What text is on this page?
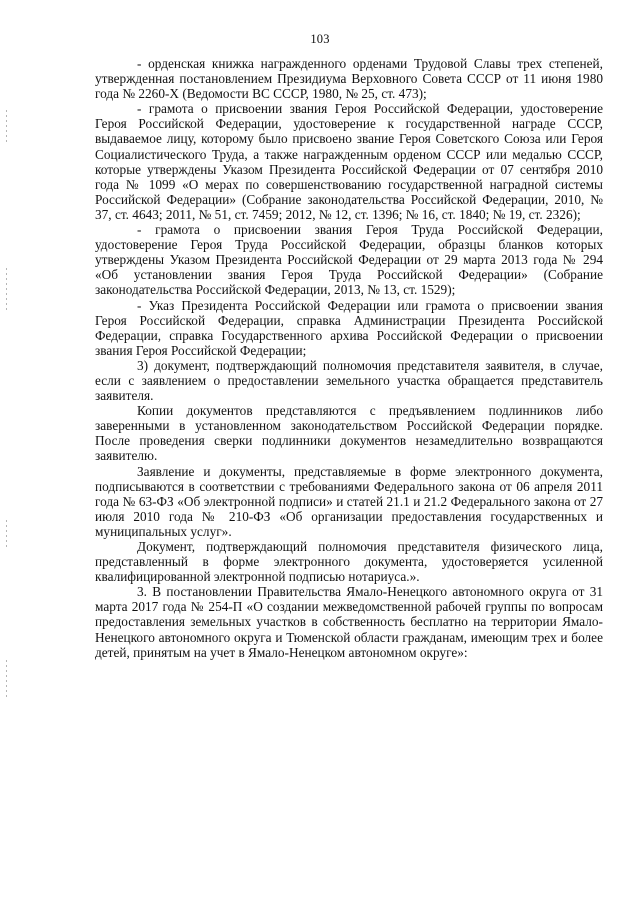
103

- орденская книжка награжденного орденами Трудовой Славы трех степеней, утвержденная постановлением Президиума Верховного Совета СССР от 11 июня 1980 года № 2260-Х (Ведомости ВС СССР, 1980, № 25, ст. 473);

- грамота о присвоении звания Героя Российской Федерации, удостоверение Героя Российской Федерации, удостоверение к государственной награде СССР, выдаваемое лицу, которому было присвоено звание Героя Советского Союза или Героя Социалистического Труда, а также награжденным орденом СССР или медалью СССР, которые утверждены Указом Президента Российской Федерации от 07 сентября 2010 года № 1099 «О мерах по совершенствованию государственной наградной системы Российской Федерации» (Собрание законодательства Российской Федерации, 2010, № 37, ст. 4643; 2011, № 51, ст. 7459; 2012, № 12, ст. 1396; № 16, ст. 1840; № 19, ст. 2326);

- грамота о присвоении звания Героя Труда Российской Федерации, удостоверение Героя Труда Российской Федерации, образцы бланков которых утверждены Указом Президента Российской Федерации от 29 марта 2013 года № 294 «Об установлении звания Героя Труда Российской Федерации» (Собрание законодательства Российской Федерации, 2013, № 13, ст. 1529);

- Указ Президента Российской Федерации или грамота о присвоении звания Героя Российской Федерации, справка Администрации Президента Российской Федерации, справка Государственного архива Российской Федерации о присвоении звания Героя Российской Федерации;

3) документ, подтверждающий полномочия представителя заявителя, в случае, если с заявлением о предоставлении земельного участка обращается представитель заявителя.

Копии документов представляются с предъявлением подлинников либо заверенными в установленном законодательством Российской Федерации порядке. После проведения сверки подлинники документов незамедлительно возвращаются заявителю.

Заявление и документы, представляемые в форме электронного документа, подписываются в соответствии с требованиями Федерального закона от 06 апреля 2011 года № 63-ФЗ «Об электронной подписи» и статей 21.1 и 21.2 Федерального закона от 27 июля 2010 года № 210-ФЗ «Об организации предоставления государственных и муниципальных услуг».

Документ, подтверждающий полномочия представителя физического лица, представленный в форме электронного документа, удостоверяется усиленной квалифицированной электронной подписью нотариуса.».

3. В постановлении Правительства Ямало-Ненецкого автономного округа от 31 марта 2017 года № 254-П «О создании межведомственной рабочей группы по вопросам предоставления земельных участков в собственность бесплатно на территории Ямало-Ненецкого автономного округа и Тюменской области гражданам, имеющим трех и более детей, принятым на учет в Ямало-Ненецком автономном округе»:
